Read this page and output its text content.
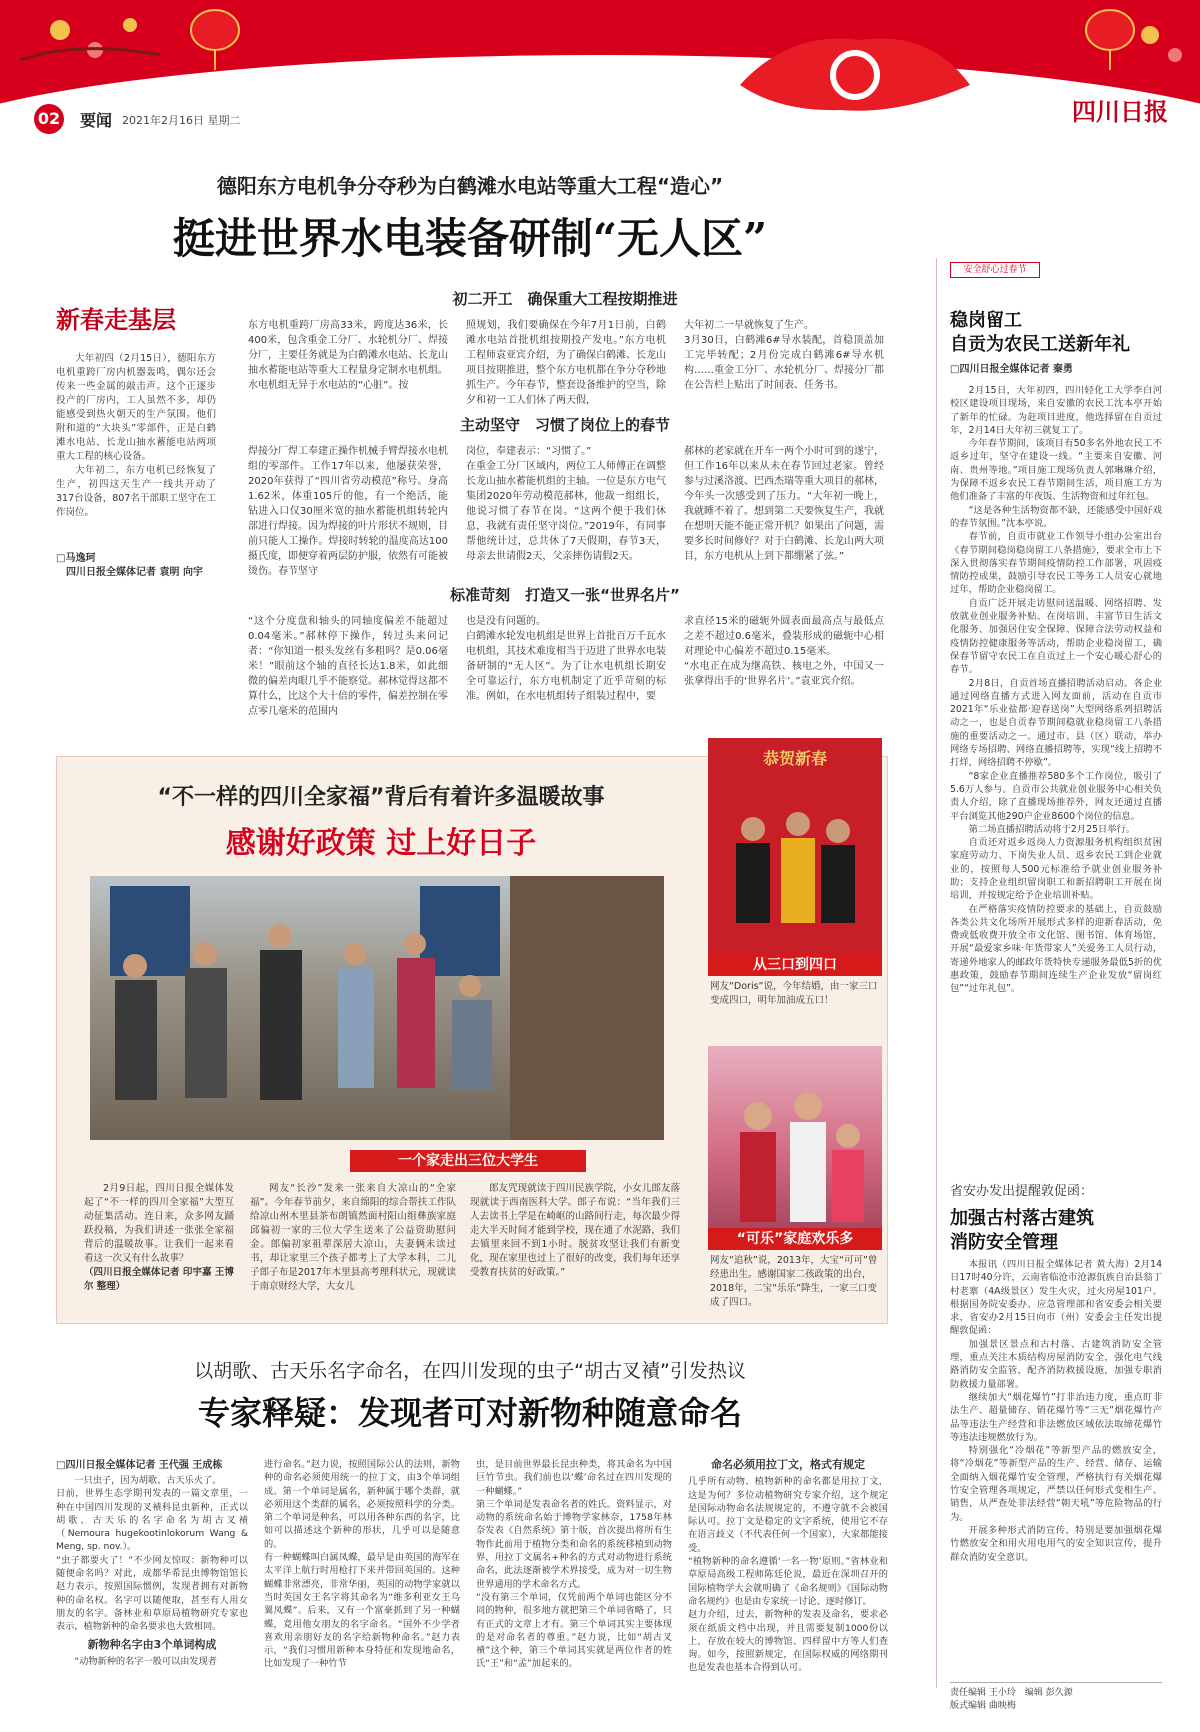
02 要闻 2021年2月16日 星期二	四川日报
德阳东方电机争分夺秒为白鹤滩水电站等重大工程“造心”
挺进世界水电装备研制“无人区”
新春走基层

大年初四（2月15日），德阳东方电机重跨厂房内机器轰鸣，偶尔还会传来一些金属的敲击声。这个正逐步投产的厂房内，工人虽然不多，却仍能感受到热火朝天的生产氛围。他们附和道的“大块头”零部件，正是白鹤滩水电站、长龙山抽水蓄能电站两项重大工程的核心设备。

大年初二，东方电机已经恢复了生产，初四这天生产一线共开动了317台设备，807名干部职工坚守在工作岗位。

□马逸珂
四川日报全媒体记者 袁明 向宇
初二开工　确保重大工程按期推进
东方电机重跨厂房高33米，跨度达36米，长400米，包含重金工分厂、水轮机分厂、焊接分厂，主要任务就是为白鹤滩水电站、长龙山抽水蓄能电站等重大工程量身定制水电机组。
水电机组无异于水电站的“心脏”。按
照规划，我们要确保在今年7月1日前，白鹤滩水电站首批机组按期投产发电。”东方电机工程师袁亚宾介绍，为了确保白鹤滩、长龙山项目按期推进，整个东方电机都在争分夺秒地抓生产。今年春节，整套设备维护的空当，除夕和初一工人们休了两天假，
大年初二一早就恢复了生产。
3月30日，白鹤滩6#导水装配，首稳顶盖加工完毕转配；2月份完成白鹤滩6#导水机构……重金工分厂、水轮机分厂、焊接分厂都在公告栏上贴出了时间表、任务书。
主动坚守　习惯了岗位上的春节
焊接分厂焊工奉建正操作机械手臂焊接水电机组的零部件。工作17年以来，他屡获荣誉，2020年获得了“四川省劳动模范”称号。身高1.62米，体重105斤的他，有一个绝活，能钻进入口仅30厘米宽的抽水蓄能机组转轮内部进行焊接。因为焊接的叶片形状不规则，目前只能人工操作。焊接时转轮的温度高达100摄氏度，即便穿着两层防护服，依然有可能被烫伤。春节坚守
岗位，奉建表示：“习惯了。”
在重金工分厂区域内，两位工人师傅正在调整长龙山抽水蓄能机组的主轴。一位是东方电气集团2020年劳动模范郝林，他裁一组组长，他说习惯了春节在岗。“这两个便于我们休息，我就有责任坚守岗位。”2019年，有同事帮他统计过，总共休了7天假期，春节3天，母亲去世请假2天，父亲摔伤请假2天。
郝林的老家就在开车一两个小时可到的遂宁，但工作16年以来从未在春节回过老家。曾经参与过溪洛渡、巴西杰瑞等重大项目的郝林，今年头一次感受到了压力。“大年初一晚上，我就睡不着了。想到第二天要恢复生产，我就在想明天能不能正常开机？如果出了问题，需要多长时间修好？对于白鹤滩、长龙山两大项目，东方电机从上到下都绷紧了弦。”
标准苛刻　打造又一张“世界名片”
“这个分度盘和轴头的同轴度偏差不能超过0.04毫米。”郝林停下操作，转过头来问记者：“你知道一根头发丝有多粗吗？是0.06毫米！”眼前这个轴的直径长达1.8米，如此细微的偏差肉眼几乎不能察觉。郝林觉得这都不算什么，比这个大十倍的零件，偏差控制在零点零几毫米的范围内
也是没有问题的。
白鹤滩水轮发电机组是世界上首批百万千瓦水电机组，其技术难度相当于迈进了世界水电装备研制的“无人区”。为了让水电机组长期安全可靠运行，东方电机制定了近乎苛刻的标准。例如，在水电机组转子组装过程中，要
求直径15米的磁轭外圆表面最高点与最低点之差不超过0.6毫米，叠装形成的磁轭中心相对理论中心偏差不超过0.15毫米。
“水电正在成为继高铁、核电之外，中国又一张拿得出手的‘世界名片’。”袁亚宾介绍。
安全舒心过春节
稳岗留工
自贡为农民工送新年礼
□四川日报全媒体记者 秦勇

2月15日，大年初四，四川轻化工大学李白河校区建设项目现场，来自安徽的农民工沈本亭开始了新年的忙碌。为赶项目进度，他选择留在自贡过年，2月14日大年初三就复工了。

今年春节期间，该项目有50多名外地农民工不返乡过年，坚守在建设一线。“主要来自安徽、河南、贵州等地。”项目施工现场负责人郭琳琳介绍，为保障不返乡农民工春节期间生活，项目施工方为他们准备了丰富的年夜饭、生活物资和过年红包。

“这是各种生活物资都不缺，还能感受中国好戏的春节氛围。”沈本亭说。

春节前，自贡市就业工作领导小组办公室出台《春节期间稳岗稳岗留工八条措施》，要求全市上下深入贯彻落实春节期间疫情防控工作部署，巩固疫情防控成果，鼓励引导农民工等务工人员安心就地过年，帮助企业稳岗留工。

自贡广泛开展走访慰问送温暖、网络招聘、发放就业创业服务补贴、在岗培训、丰富节日生活文化服务、加强居住安全保障、保障合法劳动权益和疫情防控健康服务等活动，帮助企业稳岗留工，确保春节留守农民工在自贡过上一个安心暖心舒心的春节。

2月8日，自贡首场直播招聘活动启动。各企业通过网络直播方式进入网友面前，活动在自贡市2021年“乐业盐都·迎春送岗”大型网络系列招聘活动之一，也是自贡春节期间稳就业稳岗留工八条措施的重要活动之一。通过市、县（区）联动，举办网络专场招聘、网络直播招聘等，实现“线上招聘不打烊，网络招聘不停歇”。

“8家企业直播推荐580多个工作岗位，吸引了5.6万人参与。自贡市公共就业创业服务中心相关负责人介绍，除了直播现场推荐外，网友还通过直播平台浏览其他290户企业8600个岗位的信息。

第二场直播招聘活动将于2月25日举行。

自贡还对返乡返岗人力资源服务机构组织贫困家庭劳动力、下岗失业人员、返乡农民工到企业就业的，按照每人500元标准给予就业创业服务补助；支持企业组织留岗职工和新招聘职工开展在岗培训，并按规定给予企业培训补贴。

在严格落实疫情防控要求的基础上，自贡鼓励各类公共文化场所开展形式多样的迎新春活动，免费或低收费开放全市文化馆、图书馆、体育场馆，开展“最爱家乡味·年货带家人”关爱务工人员行动，寄递外地家人的邮政年货特快专递服务最低5折的优惠政策，鼓励春节期间连续生产企业发放“留岗红包”“过年礼包”。

省安办发出提醒敦促函：
加强古村落古建筑
消防安全管理

本报讯（四川日报全媒体记者 黄大海）2月14日17时40分许，云南省临沧市沧源佤族自治县翁丁村老寨（4A级景区）发生火灾，过火房屋101户。根据国务院安委办、应急管理部和省安委会相关要求，省安办2月15日向市（州）安委会主任发出提醒敦促函：

加强景区景点和古村落、古建筑消防安全管理，重点关注木质结构房屋消防安全，强化电气线路消防安全监管，配齐消防救援设施，加强专职消防救援力量部署。

继续加大“烟花爆竹”打非治违力度，重点盯非法生产、超量储存、销花爆竹等“三无”烟花爆竹产品等违法生产经营和非法燃放区域依法取缔花爆竹等违法违规燃放行为。

特别强化“冷烟花”等新型产品的燃放安全，将“冷烟花”等新型产品的生产、经营、储存、运输全面纳入烟花爆竹安全管理，严格执行有关烟花爆竹安全管理各项规定，严禁以任何形式变相生产、销售，从严查处非法经营“朝天吼”等危险物品的行为。

开展多种形式消防宣传，特别是要加强烟花爆竹燃放安全和用火用电用气的安全知识宣传，提升群众消防安全意识。

责任编辑 王小玲　编辑 彭久源
版式编辑 曲映梅
“不一样的四川全家福”背后有着许多温暖故事
感谢好政策 过上好日子
一个家走出三位大学生
恭贺新春
从三口到四口
网友“Doris”说，今年结婚，由一家三口变成四口，明年加油成五口！
“可乐”家庭欢乐多
网友“追秋”说，2013年，大宝“可可”曾经患出生。感谢国家二孩政策的出台，2018年，二宝“乐乐”降生，一家三口变成了四口。

2月9日起，四川日报全媒体发起了“不一样的四川全家福”大型互动征集活动。连日来，众多网友踊跃投稿，为我们讲述一张张全家福背后的温暖故事。让我们一起来看看这一次又有什么故事？

（四川日报全媒体记者 印宇嘉 王博尔 整理）

网友“长沙”发来一张来自大凉山的“全家福”。今年春节前夕，来自绵阳的综合帮扶工作队给凉山州木里县茶布朗镇然面村阳山组彝族家庭邱偏初一家的三位大学生送来了公益资助慰问金。郎偏初家祖辈深居大凉山，夫妻俩未读过书，却让家里三个孩子都考上了大学本科，二儿子郎子布是2017年木里县高考理科状元，现就读于南京财经大学，大女儿

郎友咒现就读于四川民族学院，小女儿郎友落现就读于西南医科大学。郎子布说：“当年我们三人去读书上学是在崎岖的山路间行走，每次最少得走大半天时间才能到学校，现在通了水泥路，我们去镇里来回不到1小时。脱贫攻坚让我们有新变化，现在家里也过上了很好的改变，我们每年还享受教育扶贫的好政策。”

以胡歌、古天乐名字命名，在四川发现的虫子“胡古叉襀”引发热议
专家释疑：发现者可对新物种随意命名
□四川日报全媒体记者 王代强 王成栋
一只虫子，因为胡歌、古天乐火了。
日前，世界生态学期刊发表的一篇文章里，一种在中国四川发现的叉襀科昆虫新种，正式以胡歌、古天乐的名字命名为胡古叉襀（Nemoura hugekootinlokorum Wang & Meng, sp. nov.）。
“虫子都要火了！”不少网友惊叹：新物种可以随便命名吗？对此，成都华希昆虫博物馆馆长赵力表示，按照国际惯例，发现者拥有对新物种的命名权。名字可以随便取，甚至有人用女朋友的名字。备林业和草原局植物研究专家也表示，植物新种的命名要求也大致相同。
新物种名字由3个单词构成
“动物新种的名字一般可以由发现者
进行命名。”赵力说，按照国际公认的法则，新物种的命名必须使用统一的拉丁文，由3个单词组成。第一个单词是属名，新种属于哪个类群，就必须用这个类群的属名，必须按照科学的分类。第二个单词是种名，可以用各种东西的名字，比如可以描述这个新种的形状，几乎可以是随意的。
有一种蝴蝶叫白属凤蝶，最早是由英国的海军在太平洋上航行时用枪打下来并带回英国的。这种蝴蝶非常漂亮，非常华丽，英国的动物学家就以当时英国女王名字将其命名为“维多利亚女王乌翼凤蝶”。后来，又有一个富豪抓到了另一种蝴蝶，竟用他女朋友的名字命名。“国外不少学者喜欢用亲朋好友的名字给新物种命名。”赵力表示，“我们习惯用新种本身特征和发现地命名，比如发现了一种竹节
虫，是目前世界最长昆虫种类，将其命名为中国巨竹节虫。我们前也以‘蝶’命名过在四川发现的一种蝴蝶。”
第三个单词是发表命名者的姓氏。资料显示，对动物的系统命名始于博物学家林奈，1758年林奈发表《自然系统》第十版，首次提出将所有生物作此前用于植物分类和命名的系统移植到动物界，用拉丁文属名+种名的方式对动物进行系统命名，此法逐渐被学术界接受，成为对一切生物世界通用的学术命名方式。
“没有第三个单词，仅凭前两个单词也能区分不同的物种，很多地方就把第三个单词省略了，只有正式的文章上才有。第三个单词其实主要体现的是对命名者的尊重。”赵力说，比如“胡古叉襀”这个种，第三个单词其实就是两位作者的姓氏“王”和“孟”加起来的。
命名必须用拉丁文，格式有规定
几乎所有动物、植物新种的命名都是用拉丁文，这是为何？多位动植物研究专家介绍，这个规定是国际动物命名法规规定的，不遵守就不会被国际认可。拉丁文是稳定的文字系统，使用它不存在语言歧义（不代表任何一个国家），大家都能接受。
“植物新种的命名遵循‘一名一物’原则。”省林业和草原局高级工程师陈廷伦说，最近在深圳召开的国际植物学大会就明确了《命名规则》《国际动物命名规约》也是由专家统一讨论、逐时修订。
赵力介绍，过去，新物种的发表及命名，要求必须在纸质文档中出现，并且需要复制1000份以上，存放在较大的博物馆、四样留中方等人们查询。如今，按照新规定，在国际权威的网络期刊也是发表也基本合得到认可。
